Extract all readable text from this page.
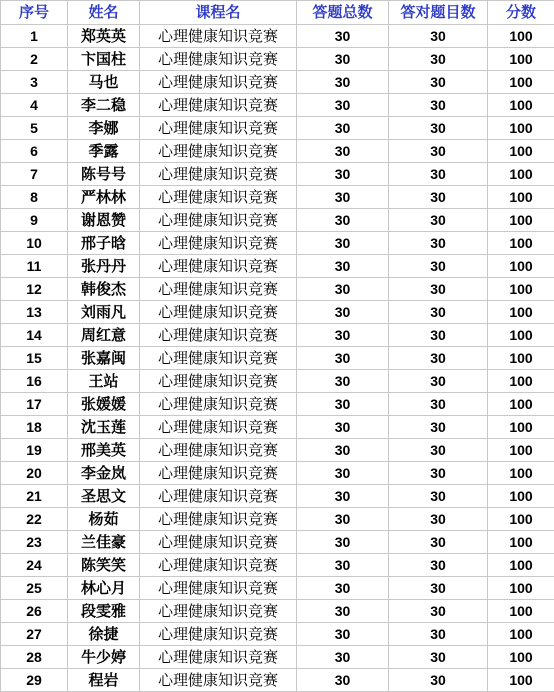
序号	姓名	课程名	答题总数	答对题目数	分数
1	郑英英	心理健康知识竞赛	30	30	100
2	卞国柱	心理健康知识竞赛	30	30	100
3	马也	心理健康知识竞赛	30	30	100
4	李二稳	心理健康知识竞赛	30	30	100
5	李娜	心理健康知识竞赛	30	30	100
6	季露	心理健康知识竞赛	30	30	100
7	陈号号	心理健康知识竞赛	30	30	100
8	严林林	心理健康知识竞赛	30	30	100
9	谢恩赞	心理健康知识竞赛	30	30	100
10	邢子晗	心理健康知识竞赛	30	30	100
11	张丹丹	心理健康知识竞赛	30	30	100
12	韩俊杰	心理健康知识竞赛	30	30	100
13	刘雨凡	心理健康知识竞赛	30	30	100
14	周红意	心理健康知识竞赛	30	30	100
15	张嘉闽	心理健康知识竞赛	30	30	100
16	王站	心理健康知识竞赛	30	30	100
17	张媛媛	心理健康知识竞赛	30	30	100
18	沈玉莲	心理健康知识竞赛	30	30	100
19	邢美英	心理健康知识竞赛	30	30	100
20	李金岚	心理健康知识竞赛	30	30	100
21	圣思文	心理健康知识竞赛	30	30	100
22	杨茹	心理健康知识竞赛	30	30	100
23	兰佳豪	心理健康知识竞赛	30	30	100
24	陈笑笑	心理健康知识竞赛	30	30	100
25	林心月	心理健康知识竞赛	30	30	100
26	段雯雅	心理健康知识竞赛	30	30	100
27	徐捷	心理健康知识竞赛	30	30	100
28	牛少婷	心理健康知识竞赛	30	30	100
29	程岩	心理健康知识竞赛	30	30	100
